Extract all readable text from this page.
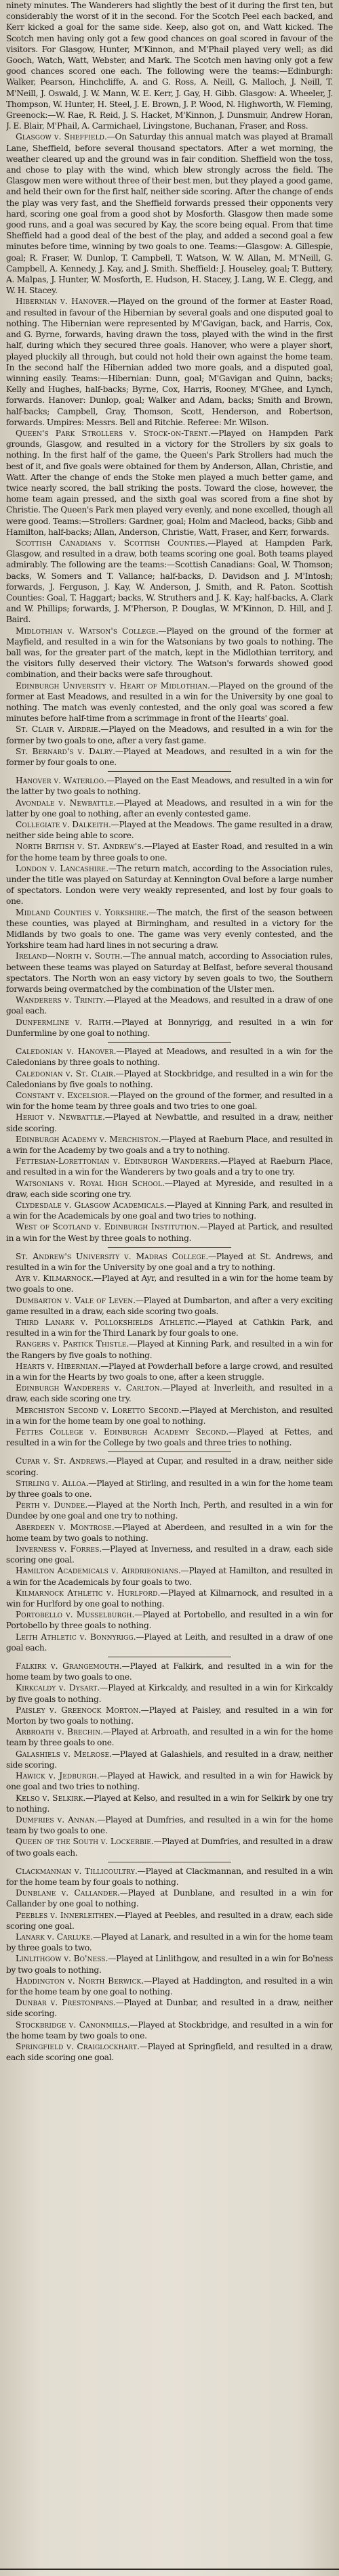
ninety minutes. The Wanderers had slightly the best of it during the first ten, but considerably the worst of it in the second. For the Scotch Peel each backed, and Kerr kicked a goal for the same side. Keep, also got on, and Watt kicked. The Scotch men having only got a few good chances on goal scored in favour of the visitors. For Glasgow, Hunter, M'Kinnon, and M'Phail played very well; as did Gooch, Watch, Watt, Webster, and Mark. The Scotch men having only got a few good chances scored one each. The following were the teams:—Edinburgh: Walker, Pearson, Hinchcliffe, A. and G. Ross, A. Neill, G. Malloch, J. Neill, T. M'Neill, J. Oswald, J. W. Mann, W. E. Kerr, J. Gay, H. Gibb. Glasgow: A. Wheeler, J. Thompson, W. Hunter, H. Steel, J. E. Brown, J. P. Wood, N. Highworth, W. Fleming, Greenock:—W. Rae, R. Reid, J. S. Hacket, M'Kinnon, J. Dunsmuir, Andrew Horan, J. E. Blair, M'Phail, A. Carmichael, Livingstone, Buchanan, Fraser, and Ross.

Glasgow v. Sheffield.—On Saturday this annual match was played at Bramall Lane, Sheffield, before several thousand spectators. After a wet morning, the weather cleared up and the ground was in fair condition. Sheffield won the toss, and chose to play with the wind, which blew strongly across the field. The Glasgow men were without three of their best men, but they played a good game, and held their own for the first half, neither side scoring. After the change of ends the play was very fast, and the Sheffield forwards pressed their opponents very hard, scoring one goal from a good shot by Mosforth. Glasgow then made some good runs, and a goal was secured by Kay, the score being equal. From that time Sheffield had a good deal of the best of the play, and added a second goal a few minutes before time, winning by two goals to one. Teams:—Glasgow: A. Gillespie, goal; R. Fraser, W. Dunlop, T. Campbell, T. Watson, W. W. Allan, M. M'Neill, G. Campbell, A. Kennedy, J. Kay, and J. Smith. Sheffield: J. Houseley, goal; T. Buttery, A. Malpas, J. Hunter, W. Mosforth, E. Hudson, H. Stacey, J. Lang, W. E. Clegg, and W. H. Stacey.

Hibernian v. Hanover.—Played on the ground of the former at Easter Road, and resulted in favour of the Hibernian by several goals and one disputed goal to nothing. The Hibernian were represented by M'Gavigan, back, and Harris, Cox, and G. Byrne, forwards, having drawn the toss, played with the wind in the first half, during which they secured three goals. Hanover, who were a player short, played pluckily all through, but could not hold their own against the home team. In the second half the Hibernian added two more goals, and a disputed goal, winning easily. Teams:—Hibernian: Dunn, goal; M'Gavigan and Quinn, backs; Kelly and Hughes, half-backs; Byrne, Cox, Harris, Rooney, M'Ghee, and Lynch, forwards. Hanover: Dunlop, goal; Walker and Adam, backs; Smith and Brown, half-backs; Campbell, Gray, Thomson, Scott, Henderson, and Robertson, forwards. Umpires: Messrs. Bell and Ritchie. Referee: Mr. Wilson.

Queen's Park Strollers v. Stock-on-Trent.—Played on Hampden Park grounds, Glasgow, and resulted in a victory for the Strollers by six goals to nothing. In the first half of the game, the Queen's Park Strollers had much the best of it, and five goals were obtained for them by Anderson, Allan, Christie, and Watt. After the change of ends the Stoke men played a much better game, and twice nearly scored, the ball striking the posts. Toward the close, however, the home team again pressed, and the sixth goal was scored from a fine shot by Christie. The Queen's Park men played very evenly, and none excelled, though all were good. Teams:—Strollers: Gardner, goal; Holm and Macleod, backs; Gibb and Hamilton, half-backs; Allan, Anderson, Christie, Watt, Fraser, and Kerr, forwards.

Scottish Canadians v. Scottish Counties.—Played at Hampden Park, Glasgow, and resulted in a draw, both teams scoring one goal. Both teams played admirably. The following are the teams:—Scottish Canadians: Goal, W. Thomson; backs, W. Somers and T. Vallance; half-backs, D. Davidson and J. M'Intosh; forwards, J. Ferguson, J. Kay, W. Anderson, J. Smith, and R. Paton. Scottish Counties: Goal, T. Haggart; backs, W. Struthers and J. K. Kay; half-backs, A. Clark and W. Phillips; forwards, J. M'Pherson, P. Douglas, W. M'Kinnon, D. Hill, and J. Baird.

Midlothian v. Watson's College.—Played on the ground of the former at Mayfield, and resulted in a win for the Watsonians by two goals to nothing. The ball was, for the greater part of the match, kept in the Midlothian territory, and the visitors fully deserved their victory. The Watson's forwards showed good combination, and their backs were safe throughout.

Edinburgh University v. Heart of Midlothian.—Played on the ground of the former at East Meadows, and resulted in a win for the University by one goal to nothing. The match was evenly contested, and the only goal was scored a few minutes before half-time from a scrimmage in front of the Hearts' goal.

St. Clair v. Airdrie.—Played on the Meadows, and resulted in a win for the former by two goals to one, after a very fast game.

St. Bernard's v. Dalry.—Played at Meadows, and resulted in a win for the former by four goals to one.

Hanover v. Waterloo.—Played on the East Meadows, and resulted in a win for the latter by two goals to nothing.

Avondale v. Newbattle.—Played at Meadows, and resulted in a win for the latter by one goal to nothing, after an evenly contested game.

Collegiate v. Dalkeith.—Played at the Meadows. The game resulted in a draw, neither side being able to score.

North British v. St. Andrew's.—Played at Easter Road, and resulted in a win for the home team by three goals to one.

London v. Lancashire.—The return match, according to the Association rules, under the title was played on Saturday at Kennington Oval before a large number of spectators. London were very weakly represented, and lost by four goals to one.

Midland Counties v. Yorkshire.—The match, the first of the season between these counties, was played at Birmingham, and resulted in a victory for the Midlands by two goals to one. The game was very evenly contested, and the Yorkshire team had hard lines in not securing a draw.

Ireland—North v. South.—The annual match, according to Association rules, between these teams was played on Saturday at Belfast, before several thousand spectators. The North won an easy victory by seven goals to two, the Southern forwards being overmatched by the combination of the Ulster men.

Wanderers v. Trinity.—Played at the Meadows, and resulted in a draw of one goal each.

Dunfermline v. Raith.—Played at Bonnyrigg, and resulted in a win for Dunfermline by one goal to nothing.

Caledonian v. Hanover.—Played at Meadows, and resulted in a win for the Caledonians by three goals to nothing.

Caledonian v. St. Clair.—Played at Stockbridge, and resulted in a win for the Caledonians by five goals to nothing.

Constant v. Excelsior.—Played on the ground of the former, and resulted in a win for the home team by three goals and two tries to one goal.

Heriot v. Newbattle.—Played at Newbattle, and resulted in a draw, neither side scoring.

Edinburgh Academy v. Merchiston.—Played at Raeburn Place, and resulted in a win for the Academy by two goals and a try to nothing.

Fettesian-Lorettonian v. Edinburgh Wanderers.—Played at Raeburn Place, and resulted in a win for the Wanderers by two goals and a try to one try.

Watsonians v. Royal High School.—Played at Myreside, and resulted in a draw, each side scoring one try.

Clydesdale v. Glasgow Academicals.—Played at Kinning Park, and resulted in a win for the Academicals by one goal and two tries to nothing.

West of Scotland v. Edinburgh Institution.—Played at Partick, and resulted in a win for the West by three goals to nothing.

St. Andrew's University v. Madras College.—Played at St. Andrews, and resulted in a win for the University by one goal and a try to nothing.

Ayr v. Kilmarnock.—Played at Ayr, and resulted in a win for the home team by two goals to one.

Dumbarton v. Vale of Leven.—Played at Dumbarton, and after a very exciting game resulted in a draw, each side scoring two goals.

Third Lanark v. Pollokshields Athletic.—Played at Cathkin Park, and resulted in a win for the Third Lanark by four goals to one.

Rangers v. Partick Thistle.—Played at Kinning Park, and resulted in a win for the Rangers by five goals to nothing.

Hearts v. Hibernian.—Played at Powderhall before a large crowd, and resulted in a win for the Hearts by two goals to one, after a keen struggle.

Edinburgh Wanderers v. Carlton.—Played at Inverleith, and resulted in a draw, each side scoring one try.

Merchiston Second v. Loretto Second.—Played at Merchiston, and resulted in a win for the home team by one goal to nothing.

Fettes College v. Edinburgh Academy Second.—Played at Fettes, and resulted in a win for the College by two goals and three tries to nothing.

Cupar v. St. Andrews.—Played at Cupar, and resulted in a draw, neither side scoring.

Stirling v. Alloa.—Played at Stirling, and resulted in a win for the home team by three goals to one.

Perth v. Dundee.—Played at the North Inch, Perth, and resulted in a win for Dundee by one goal and one try to nothing.

Aberdeen v. Montrose.—Played at Aberdeen, and resulted in a win for the home team by two goals to nothing.

Inverness v. Forres.—Played at Inverness, and resulted in a draw, each side scoring one goal.

Hamilton Academicals v. Airdrieonians.—Played at Hamilton, and resulted in a win for the Academicals by four goals to two.

Kilmarnock Athletic v. Hurlford.—Played at Kilmarnock, and resulted in a win for Hurlford by one goal to nothing.

Portobello v. Musselburgh.—Played at Portobello, and resulted in a win for Portobello by three goals to nothing.

Leith Athletic v. Bonnyrigg.—Played at Leith, and resulted in a draw of one goal each.

Falkirk v. Grangemouth.—Played at Falkirk, and resulted in a win for the home team by two goals to one.

Kirkcaldy v. Dysart.—Played at Kirkcaldy, and resulted in a win for Kirkcaldy by five goals to nothing.

Paisley v. Greenock Morton.—Played at Paisley, and resulted in a win for Morton by two goals to nothing.

Arbroath v. Brechin.—Played at Arbroath, and resulted in a win for the home team by three goals to one.

Galashiels v. Melrose.—Played at Galashiels, and resulted in a draw, neither side scoring.

Hawick v. Jedburgh.—Played at Hawick, and resulted in a win for Hawick by one goal and two tries to nothing.

Kelso v. Selkirk.—Played at Kelso, and resulted in a win for Selkirk by one try to nothing.

Dumfries v. Annan.—Played at Dumfries, and resulted in a win for the home team by two goals to one.

Queen of the South v. Lockerbie.—Played at Dumfries, and resulted in a draw of two goals each.

Clackmannan v. Tillicoultry.—Played at Clackmannan, and resulted in a win for the home team by four goals to nothing.

Dunblane v. Callander.—Played at Dunblane, and resulted in a win for Callander by one goal to nothing.

Peebles v. Innerleithen.—Played at Peebles, and resulted in a draw, each side scoring one goal.

Lanark v. Carluke.—Played at Lanark, and resulted in a win for the home team by three goals to two.

Linlithgow v. Bo'ness.—Played at Linlithgow, and resulted in a win for Bo'ness by two goals to nothing.

Haddington v. North Berwick.—Played at Haddington, and resulted in a win for the home team by one goal to nothing.

Dunbar v. Prestonpans.—Played at Dunbar, and resulted in a draw, neither side scoring.

Stockbridge v. Canonmills.—Played at Stockbridge, and resulted in a win for the home team by two goals to one.

Springfield v. Craiglockhart.—Played at Springfield, and resulted in a draw, each side scoring one goal.
